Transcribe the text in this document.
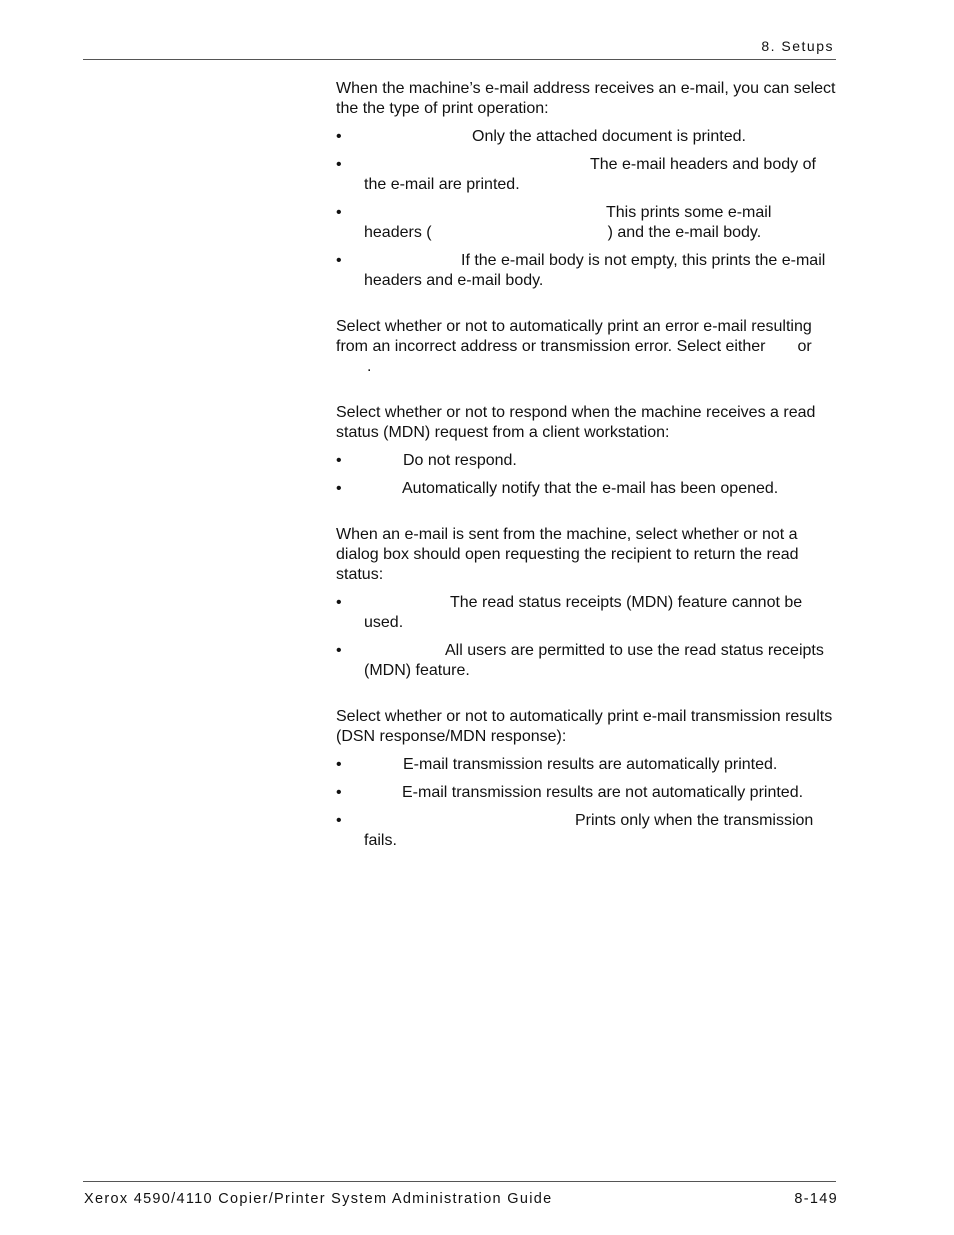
8. Setups

When the machine’s e-mail address receives an e-mail, you can select the the type of print operation:

•	Only the attached document is printed.
•	The e-mail headers and body of the e-mail are printed.
•	This prints some e-mail
headers (	) and the e-mail body.
•	If the e-mail body is not empty, this prints the e-mail headers and e-mail body.

Select whether or not to automatically print an error e-mail resulting from an incorrect address or transmission error. Select either or.

Select whether or not to respond when the machine receives a read status (MDN) request from a client workstation:

•	Do not respond.
•	Automatically notify that the e-mail has been opened.

When an e-mail is sent from the machine, select whether or not a dialog box should open requesting the recipient to return the read status:

•	The read status receipts (MDN) feature cannot be used.
•	All users are permitted to use the read status receipts (MDN) feature.

Select whether or not to automatically print e-mail transmission results (DSN response/MDN response):

•	E-mail transmission results are automatically printed.
•	E-mail transmission results are not automatically printed.
•	Prints only when the transmission fails.
Xerox 4590/4110 Copier/Printer System Administration Guide	8-149
